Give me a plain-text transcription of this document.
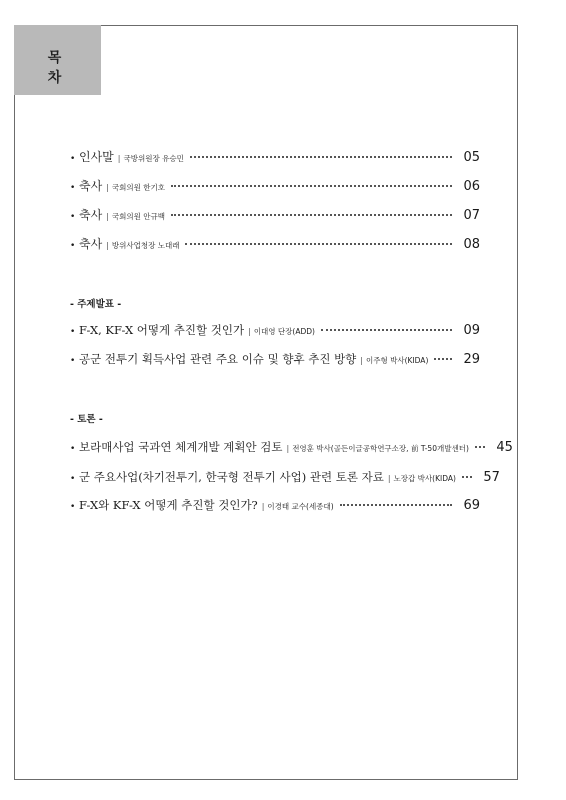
목 차
• 인사말 | 국방위원장 유승민	05
• 축사 | 국회의원 한기호	06
• 축사 | 국회의원 안규백	07
• 축사 | 방위사업청장 노대래	08
- 주제발표 -
• F-X, KF-X 어떻게 추진할 것인가 | 이대영 단장(ADD)	09
• 공군 전투기 획득사업 관련 주요 이슈 및 향후 추진 방향 | 이주형 박사(KIDA)	29
- 토론 -
• 보라매사업 국과연 체계개발 계획안 검토 | 전영훈 박사(골든이글공학연구소장, 前 T-50개발센터)	45
• 군 주요사업(차기전투기, 한국형 전투기 사업) 관련 토론 자료 | 노장갑 박사(KIDA)	57
• F-X와 KF-X 어떻게 추진할 것인가? | 이경태 교수(세종대)	69
